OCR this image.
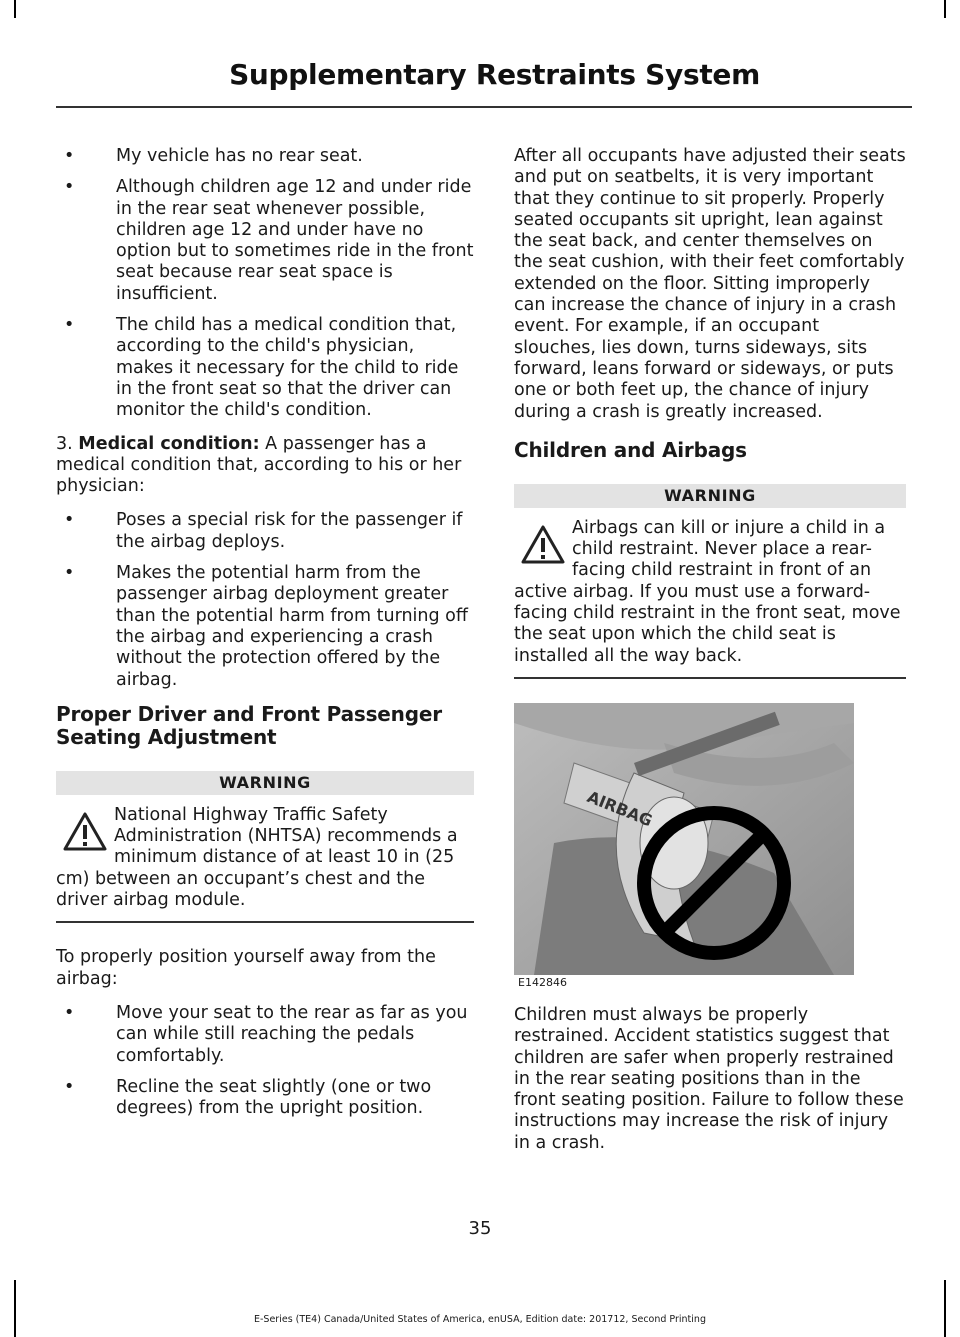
Supplementary Restraints System
• My vehicle has no rear seat.
• Although children age 12 and under ride in the rear seat whenever possible, children age 12 and under have no option but to sometimes ride in the front seat because rear seat space is insufficient.
• The child has a medical condition that, according to the child's physician, makes it necessary for the child to ride in the front seat so that the driver can monitor the child's condition.

3. Medical condition: A passenger has a medical condition that, according to his or her physician:

• Poses a special risk for the passenger if the airbag deploys.
• Makes the potential harm from the passenger airbag deployment greater than the potential harm from turning off the airbag and experiencing a crash without the protection offered by the airbag.
Proper Driver and Front Passenger Seating Adjustment
WARNING
National Highway Traffic Safety Administration (NHTSA) recommends a minimum distance of at least 10 in (25 cm) between an occupant’s chest and the driver airbag module.

To properly position yourself away from the airbag:

• Move your seat to the rear as far as you can while still reaching the pedals comfortably.
• Recline the seat slightly (one or two degrees) from the upright position.

After all occupants have adjusted their seats and put on seatbelts, it is very important that they continue to sit properly. Properly seated occupants sit upright, lean against the seat back, and center themselves on the seat cushion, with their feet comfortably extended on the floor. Sitting improperly can increase the chance of injury in a crash event. For example, if an occupant slouches, lies down, turns sideways, sits forward, leans forward or sideways, or puts one or both feet up, the chance of injury during a crash is greatly increased.

Children and Airbags
WARNING
Airbags can kill or injure a child in a child restraint. Never place a rear-facing child restraint in front of an active airbag. If you must use a forward-facing child restraint in the front seat, move the seat upon which the child seat is installed all the way back.
AIRBAG
E142846

Children must always be properly restrained. Accident statistics suggest that children are safer when properly restrained in the rear seating positions than in the front seating position. Failure to follow these instructions may increase the risk of injury in a crash.

35
E-Series (TE4) Canada/United States of America, enUSA, Edition date: 201712, Second Printing
